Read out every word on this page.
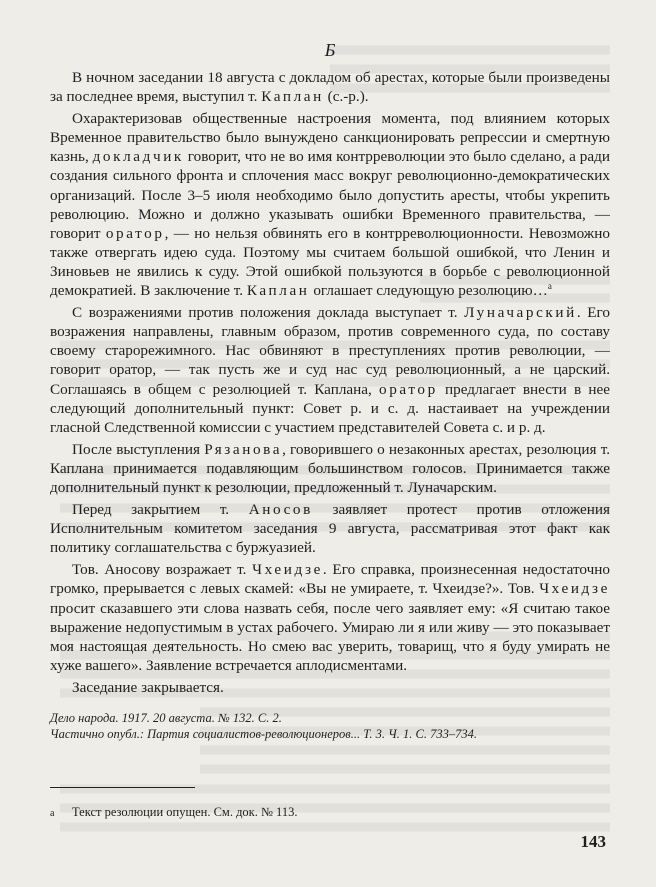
Б

В ночном заседании 18 августа с докладом об арестах, которые были произведены за последнее время, выступил т. Каплан (с.-р.).

Охарактеризовав общественные настроения момента, под влиянием которых Временное правительство было вынуждено санкционировать репрессии и смертную казнь, докладчик говорит, что не во имя контрреволюции это было сделано, а ради создания сильного фронта и сплочения масс вокруг революционно-демократических организаций. После 3–5 июля необходимо было допустить аресты, чтобы укрепить революцию. Можно и должно указывать ошибки Временного правительства, — говорит оратор, — но нельзя обвинять его в контрреволюционности. Невозможно также отвергать идею суда. Поэтому мы считаем большой ошибкой, что Ленин и Зиновьев не явились к суду. Этой ошибкой пользуются в борьбе с революционной демократией. В заключение т. Каплан оглашает следующую резолюцию…$^а$

С возражениями против положения доклада выступает т. Луначарский. Его возражения направлены, главным образом, против современного суда, по составу своему старорежимного. Нас обвиняют в преступлениях против революции, — говорит оратор, — так пусть же и суд нас суд революционный, а не царский. Соглашаясь в общем с резолюцией т. Каплана, оратор предлагает внести в нее следующий дополнительный пункт: Совет р. и с. д. настаивает на учреждении гласной Следственной комиссии с участием представителей Совета с. и р. д.

После выступления Рязанова, говорившего о незаконных арестах, резолюция т. Каплана принимается подавляющим большинством голосов. Принимается также дополнительный пункт к резолюции, предложенный т. Луначарским.

Перед закрытием т. Аносов заявляет протест против отложения Исполнительным комитетом заседания 9 августа, рассматривая этот факт как политику соглашательства с буржуазией.

Тов. Аносову возражает т. Чхеидзе. Его справка, произнесенная недостаточно громко, прерывается с левых скамей: «Вы не умираете, т. Чхеидзе?». Тов. Чхеидзе просит сказавшего эти слова назвать себя, после чего заявляет ему: «Я считаю такое выражение недопустимым в устах рабочего. Умираю ли я или живу — это показывает моя настоящая деятельность. Но смею вас уверить, товарищ, что я буду умирать не хуже вашего». Заявление встречается аплодисментами.

Заседание закрывается.

Дело народа. 1917. 20 августа. № 132. С. 2.
Частично опубл.: Партия социалистов-революционеров... Т. 3. Ч. 1. С. 733–734.
а Текст резолюции опущен. См. док. № 113.
143
